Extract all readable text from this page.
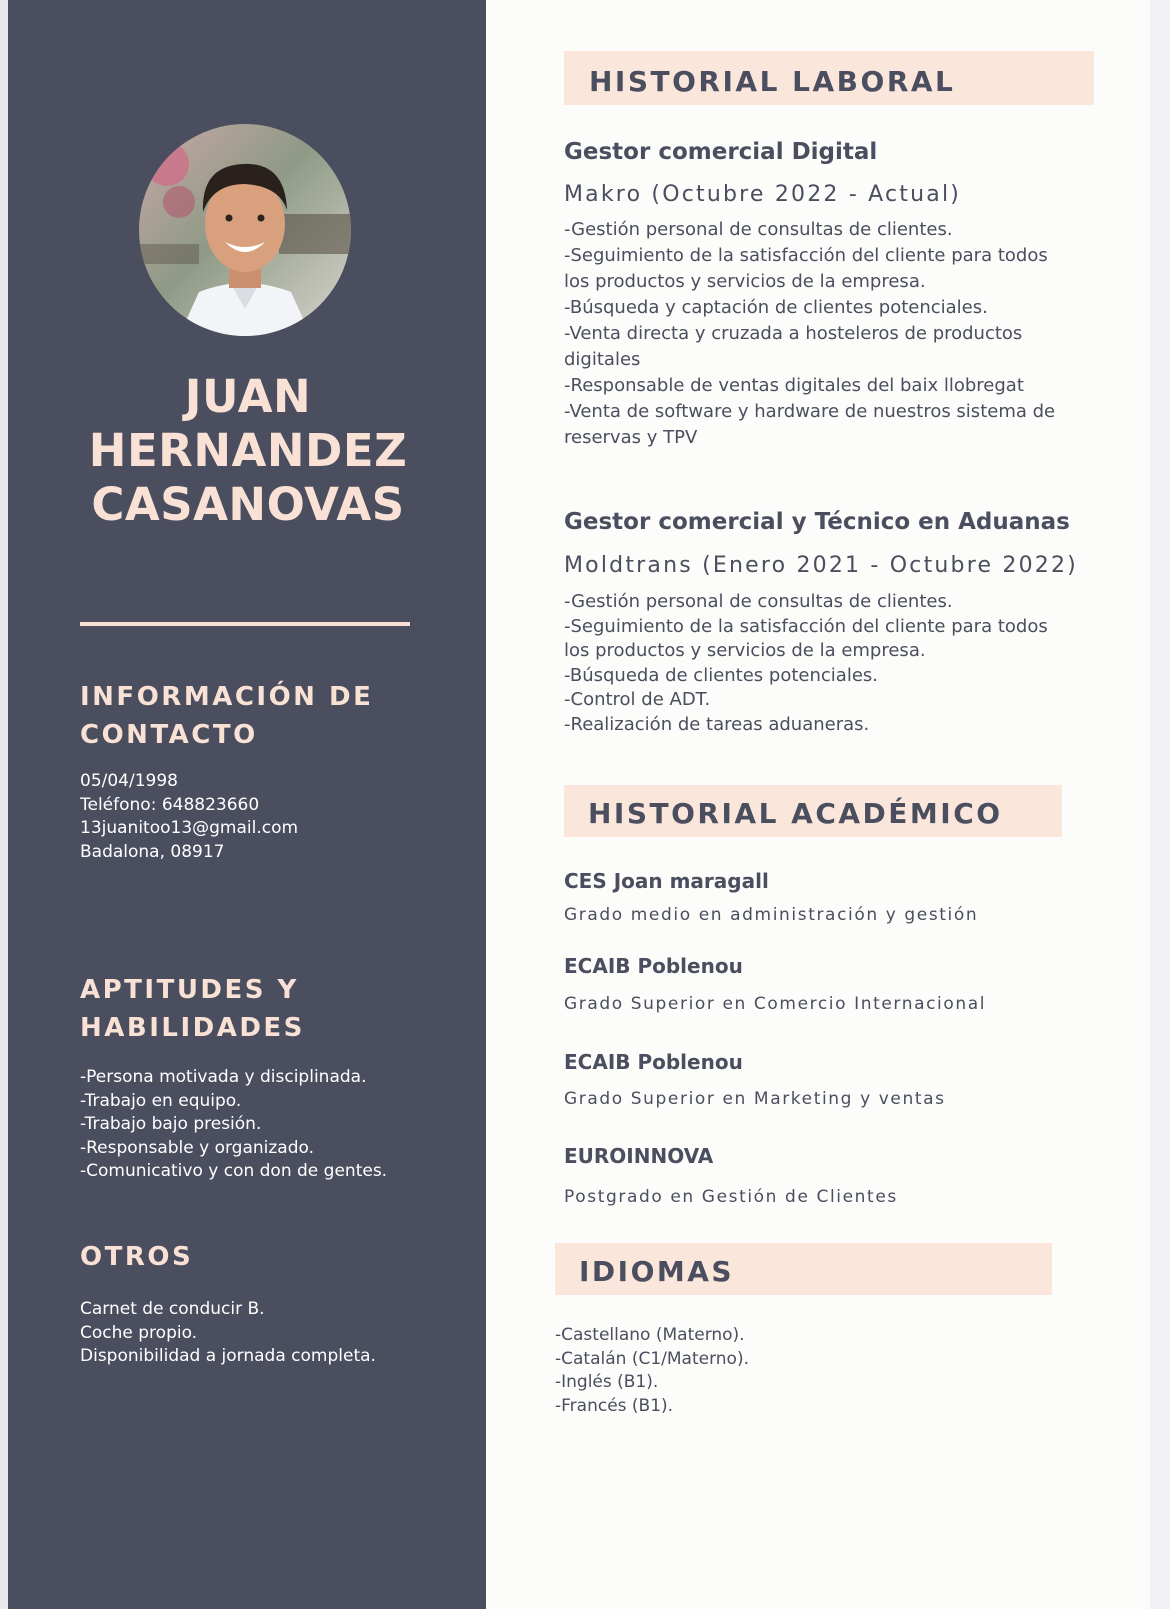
JUAN
HERNANDEZ
CASANOVAS
INFORMACIÓN DE CONTACTO
05/04/1998
Teléfono: 648823660
13juanitoo13@gmail.com
Badalona, 08917
APTITUDES Y HABILIDADES
-Persona motivada y disciplinada.
-Trabajo en equipo.
-Trabajo bajo presión.
-Responsable y organizado.
-Comunicativo y con don de gentes.
OTROS
Carnet de conducir B.
Coche propio.
Disponibilidad a jornada completa.
HISTORIAL LABORAL
Gestor comercial Digital
Makro (Octubre 2022 - Actual)
-Gestión personal de consultas de clientes.
-Seguimiento de la satisfacción del cliente para todos
los productos y servicios de la empresa.
-Búsqueda y captación de clientes potenciales.
-Venta directa y cruzada a hosteleros de productos
digitales
-Responsable de ventas digitales del baix llobregat
-Venta de software y hardware de nuestros sistema de
reservas y TPV
Gestor comercial y Técnico en Aduanas
Moldtrans (Enero 2021 - Octubre 2022)
-Gestión personal de consultas de clientes.
-Seguimiento de la satisfacción del cliente para todos
los productos y servicios de la empresa.
-Búsqueda de clientes potenciales.
-Control de ADT.
-Realización de tareas aduaneras.
HISTORIAL ACADÉMICO
CES Joan maragall
Grado medio en administración y gestión
ECAIB Poblenou
Grado Superior en Comercio Internacional
ECAIB Poblenou
Grado Superior en Marketing y ventas
EUROINNOVA
Postgrado en Gestión de Clientes
IDIOMAS
-Castellano (Materno).
-Catalán (C1/Materno).
-Inglés (B1).
-Francés (B1).
